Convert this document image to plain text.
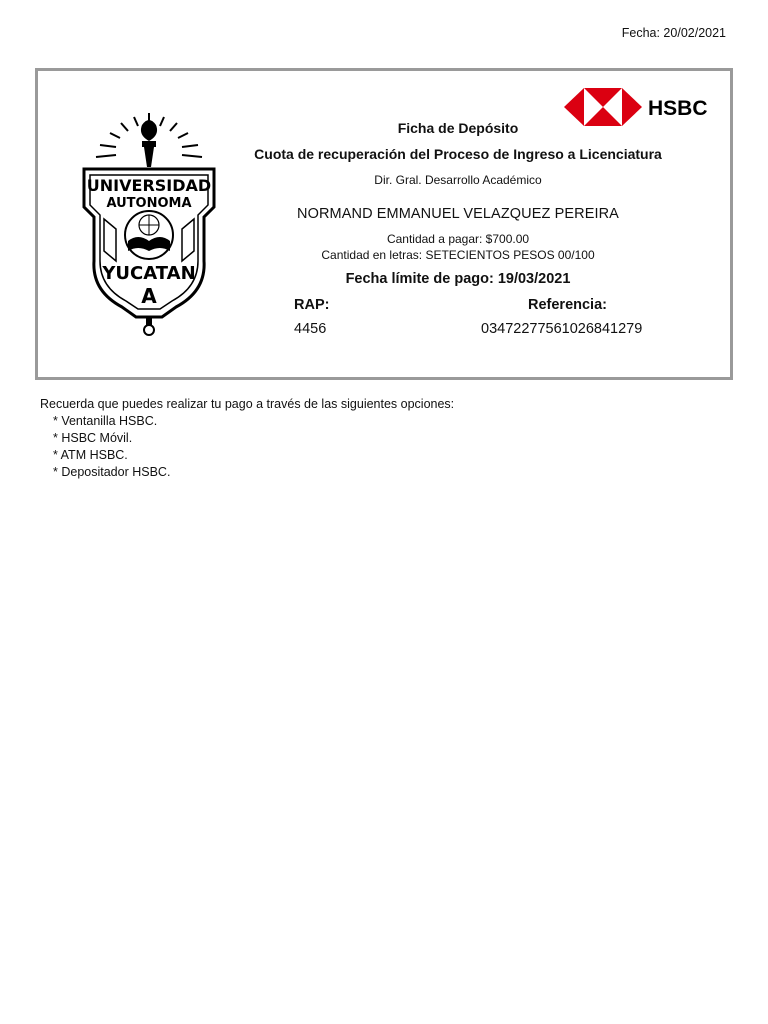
Fecha: 20/02/2021
UNIVERSIDAD
AUTONOMA
YUCATAN
A
HSBC
Ficha de Depósito
Cuota de recuperación del Proceso de Ingreso a Licenciatura
Dir. Gral. Desarrollo Académico
NORMAND EMMANUEL VELAZQUEZ PEREIRA
Cantidad a pagar: $700.00
Cantidad en letras: SETECIENTOS PESOS 00/100
Fecha límite de pago: 19/03/2021
RAP:	Referencia:
4456	03472277561026841279
Recuerda que puedes realizar tu pago a través de las siguientes opciones:
* Ventanilla HSBC.
* HSBC Móvil.
* ATM HSBC.
* Depositador HSBC.
